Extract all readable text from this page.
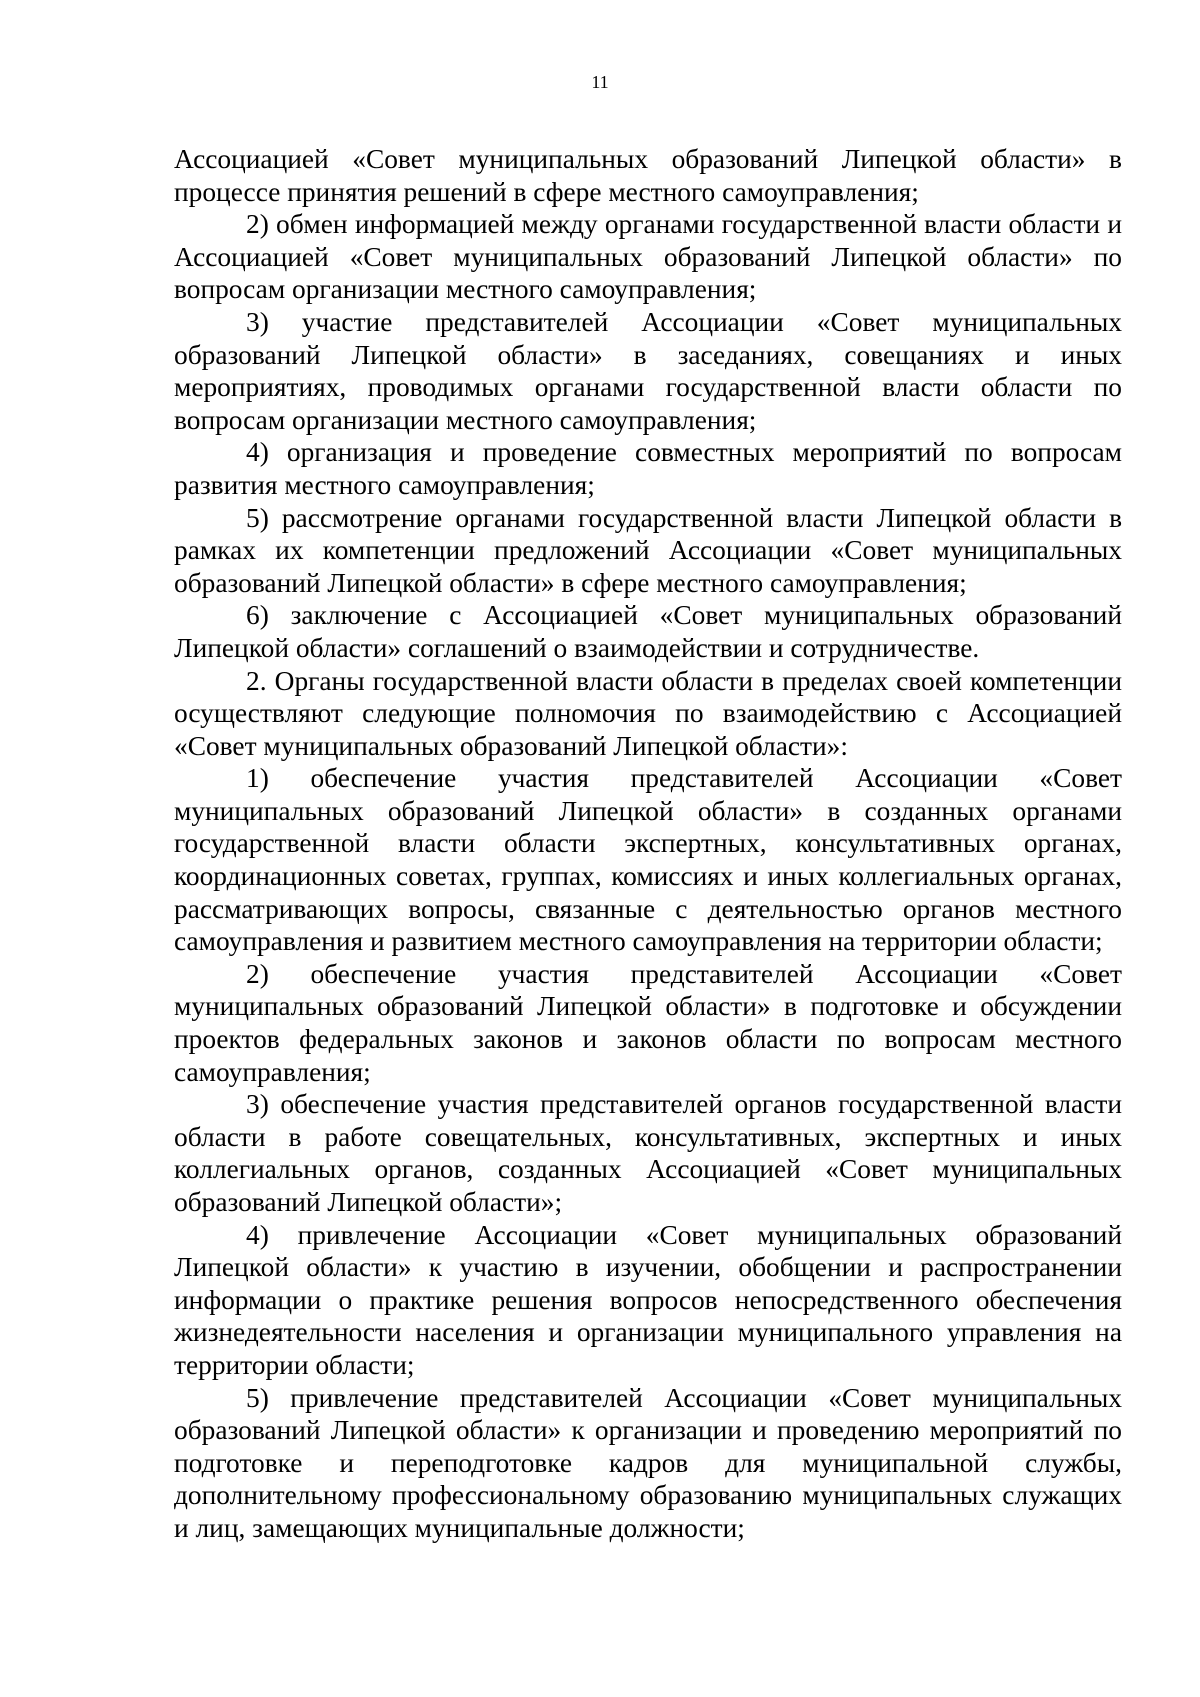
11

Ассоциацией «Совет муниципальных образований Липецкой области» в процессе принятия решений в сфере местного самоуправления;

2) обмен информацией между органами государственной власти области и Ассоциацией «Совет муниципальных образований Липецкой области» по вопросам организации местного самоуправления;

3) участие представителей Ассоциации «Совет муниципальных образований Липецкой области» в заседаниях, совещаниях и иных мероприятиях, проводимых органами государственной власти области по вопросам организации местного самоуправления;

4) организация и проведение совместных мероприятий по вопросам развития местного самоуправления;

5) рассмотрение органами государственной власти Липецкой области в рамках их компетенции предложений Ассоциации «Совет муниципальных образований Липецкой области» в сфере местного самоуправления;

6) заключение с Ассоциацией «Совет муниципальных образований Липецкой области» соглашений о взаимодействии и сотрудничестве.

2. Органы государственной власти области в пределах своей компетенции осуществляют следующие полномочия по взаимодействию с Ассоциацией «Совет муниципальных образований Липецкой области»:

1) обеспечение участия представителей Ассоциации «Совет муниципальных образований Липецкой области» в созданных органами государственной власти области экспертных, консультативных органах, координационных советах, группах, комиссиях и иных коллегиальных органах, рассматривающих вопросы, связанные с деятельностью органов местного самоуправления и развитием местного самоуправления на территории области;

2) обеспечение участия представителей Ассоциации «Совет муниципальных образований Липецкой области» в подготовке и обсуждении проектов федеральных законов и законов области по вопросам местного самоуправления;

3) обеспечение участия представителей органов государственной власти области в работе совещательных, консультативных, экспертных и иных коллегиальных органов, созданных Ассоциацией «Совет муниципальных образований Липецкой области»;

4) привлечение Ассоциации «Совет муниципальных образований Липецкой области» к участию в изучении, обобщении и распространении информации о практике решения вопросов непосредственного обеспечения жизнедеятельности населения и организации муниципального управления на территории области;

5) привлечение представителей Ассоциации «Совет муниципальных образований Липецкой области» к организации и проведению мероприятий по подготовке и переподготовке кадров для муниципальной службы, дополнительному профессиональному образованию муниципальных служащих и лиц, замещающих муниципальные должности;
